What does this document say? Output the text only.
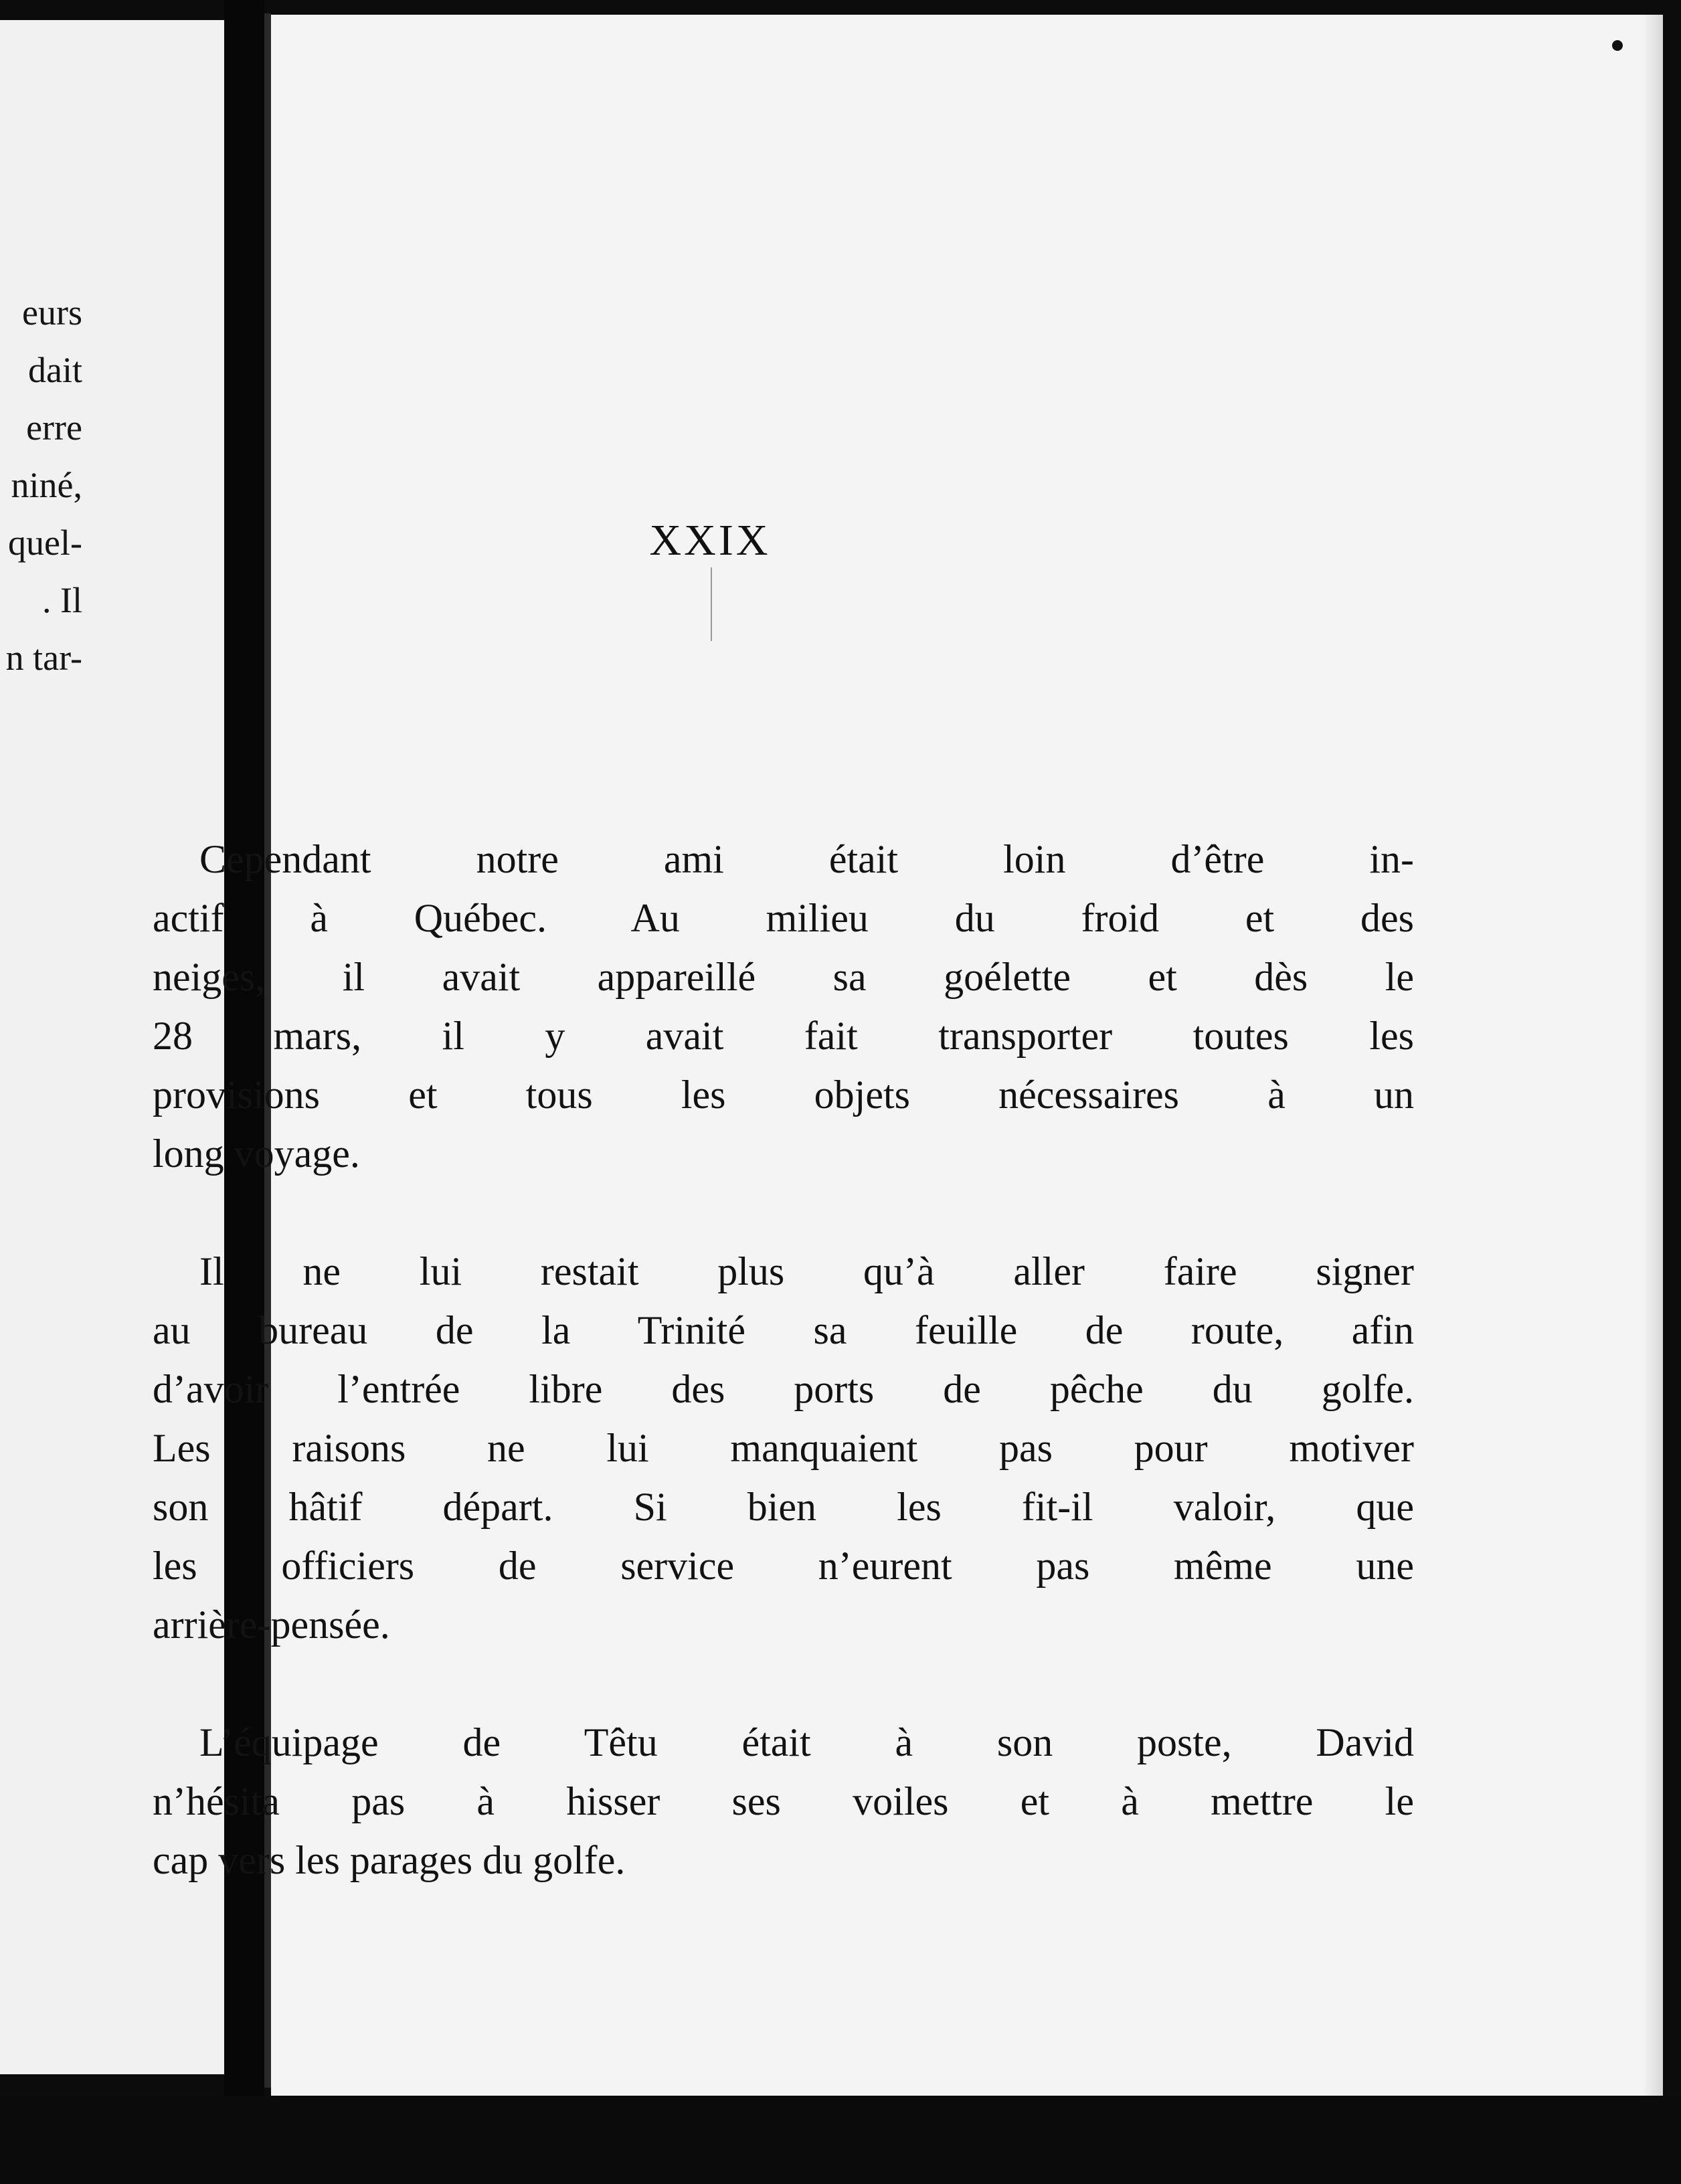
eurs
dait
erre
niné,
quel-
. Il
n tar-
XXIX

Cependant notre ami était loin d’être in-
actif à Québec. Au milieu du froid et des
neiges, il avait appareillé sa goélette et dès le
28 mars, il y avait fait transporter toutes les
provisions et tous les objets nécessaires à un
long voyage.

Il ne lui restait plus qu’à aller faire signer
au bureau de la Trinité sa feuille de route, afin
d’avoir l’entrée libre des ports de pêche du golfe.
Les raisons ne lui manquaient pas pour motiver
son hâtif départ. Si bien les fit-il valoir, que
les officiers de service n’eurent pas même une
arrière-pensée.

L’équipage de Têtu était à son poste, David
n’hésita pas à hisser ses voiles et à mettre le
cap vers les parages du golfe.
